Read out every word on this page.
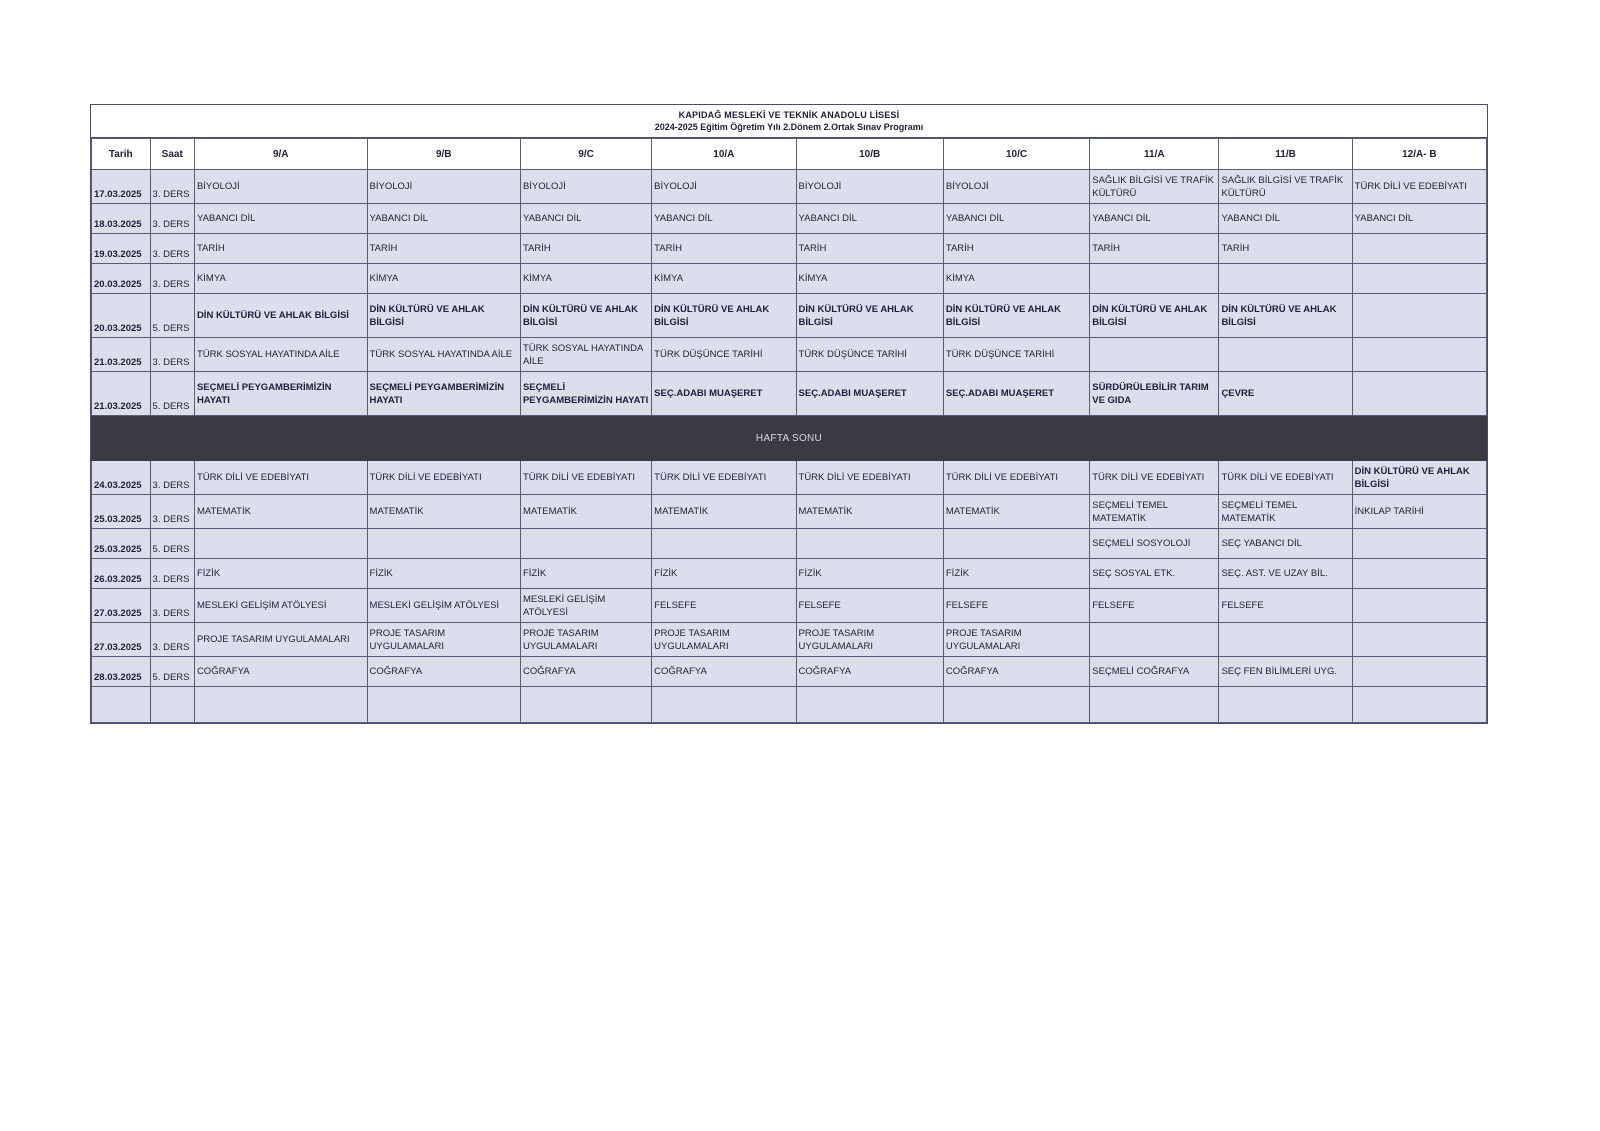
KAPIDAĞ MESLEKİ VE TEKNİK ANADOLU LİSESİ
2024-2025 Eğitim Öğretim Yılı 2.Dönem 2.Ortak Sınav Programı
Tarih	Saat	9/A	9/B	9/C	10/A	10/B	10/C	11/A	11/B	12/A- B
17.03.2025	3. DERS	BİYOLOJİ	BİYOLOJİ	BİYOLOJİ	BİYOLOJİ	BİYOLOJİ	BİYOLOJİ	SAĞLIK BİLGİSİ VE TRAFİK KÜLTÜRÜ	SAĞLIK BİLGİSİ VE TRAFİK KÜLTÜRÜ	TÜRK DİLİ VE EDEBİYATI
18.03.2025	3. DERS	YABANCI DİL	YABANCI DİL	YABANCI DİL	YABANCI DİL	YABANCI DİL	YABANCI DİL	YABANCI DİL	YABANCI DİL	YABANCI DİL
19.03.2025	3. DERS	TARİH	TARİH	TARİH	TARİH	TARİH	TARİH	TARİH	TARİH	
20.03.2025	3. DERS	KİMYA	KİMYA	KİMYA	KİMYA	KİMYA	KİMYA			
20.03.2025	5. DERS	DİN KÜLTÜRÜ VE AHLAK BİLGİSİ	DİN KÜLTÜRÜ VE AHLAK BİLGİSİ	DİN KÜLTÜRÜ VE AHLAK BİLGİSİ	DİN KÜLTÜRÜ VE AHLAK BİLGİSİ	DİN KÜLTÜRÜ VE AHLAK BİLGİSİ	DİN KÜLTÜRÜ VE AHLAK BİLGİSİ	DİN KÜLTÜRÜ VE AHLAK BİLGİSİ	DİN KÜLTÜRÜ VE AHLAK BİLGİSİ	
21.03.2025	3. DERS	TÜRK SOSYAL HAYATINDA AİLE	TÜRK SOSYAL HAYATINDA AİLE	TÜRK SOSYAL HAYATINDA AİLE	TÜRK DÜŞÜNCE TARİHİ	TÜRK DÜŞÜNCE TARİHİ	TÜRK DÜŞÜNCE TARİHİ			
21.03.2025	5. DERS	SEÇMELİ PEYGAMBERİMİZİN HAYATI	SEÇMELİ PEYGAMBERİMİZİN HAYATI	SEÇMELİ PEYGAMBERİMİZİN HAYATI	SEÇ.ADABI MUAŞERET	SEÇ.ADABI MUAŞERET	SEÇ.ADABI MUAŞERET	SÜRDÜRÜLEBİLİR TARIM VE GIDA	ÇEVRE	
HAFTA SONU										
24.03.2025	3. DERS	TÜRK DİLİ VE EDEBİYATI	TÜRK DİLİ VE EDEBİYATI	TÜRK DİLİ VE EDEBİYATI	TÜRK DİLİ VE EDEBİYATI	TÜRK DİLİ VE EDEBİYATI	TÜRK DİLİ VE EDEBİYATI	TÜRK DİLİ VE EDEBİYATI	TÜRK DİLİ VE EDEBİYATI	DİN KÜLTÜRÜ VE AHLAK BİLGİSİ
25.03.2025	3. DERS	MATEMATİK	MATEMATİK	MATEMATİK	MATEMATİK	MATEMATİK	MATEMATİK	SEÇMELİ TEMEL MATEMATİK	SEÇMELİ TEMEL MATEMATİK	İNKILAP TARİHİ
25.03.2025	5. DERS							SEÇMELİ SOSYOLOJİ	SEÇ YABANCI DİL	
26.03.2025	3. DERS	FİZİK	FİZİK	FİZİK	FİZİK	FİZİK	FİZİK	SEÇ SOSYAL ETK.	SEÇ. AST. VE UZAY BİL.	
27.03.2025	3. DERS	MESLEKİ GELİŞİM ATÖLYESİ	MESLEKİ GELİŞİM ATÖLYESİ	MESLEKİ GELİŞİM ATÖLYESİ	FELSEFE	FELSEFE	FELSEFE	FELSEFE	FELSEFE	
27.03.2025	3. DERS	PROJE TASARIM UYGULAMALARI	PROJE TASARIM UYGULAMALARI	PROJE TASARIM UYGULAMALARI	PROJE TASARIM UYGULAMALARI	PROJE TASARIM UYGULAMALARI	PROJE TASARIM UYGULAMALARI			
28.03.2025	5. DERS	COĞRAFYA	COĞRAFYA	COĞRAFYA	COĞRAFYA	COĞRAFYA	COĞRAFYA	SEÇMELİ COĞRAFYA	SEÇ FEN BİLİMLERİ UYG.	
